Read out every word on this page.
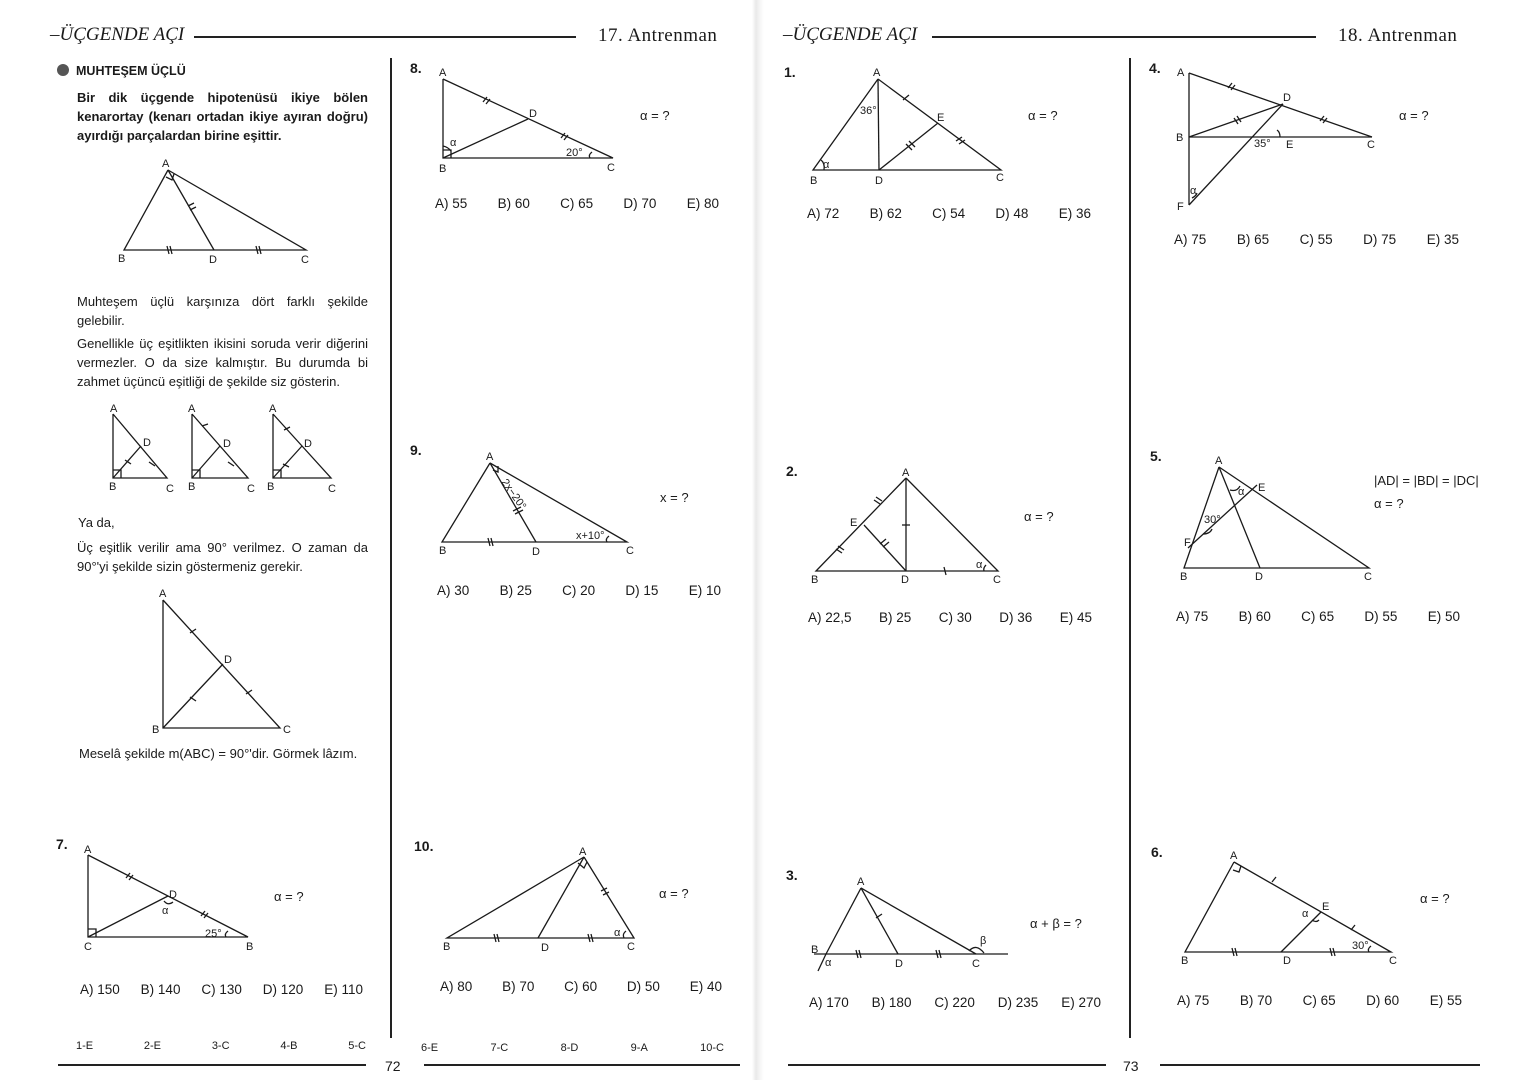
–ÜÇGENDE AÇI	17. Antrenman
MUHTEŞEM ÜÇLÜ
Bir dik üçgende hipotenüsü ikiye bölen kenarortay (kenarı ortadan ikiye ayıran doğru) ayırdığı parçalardan birine eşittir.
A
B	D	C
Muhteşem üçlü karşınıza dört farklı şekilde gelebilir.
Genellikle üç eşitlikten ikisini soruda verir diğerini vermezler. O da size kalmıştır. Bu durumda bi zahmet üçüncü eşitliği de şekilde siz gösterin.
A
B	C
D
A
B	C
D
A
B	C
D
Ya da,
Üç eşitlik verilir ama 90° verilmez. O zaman da 90°'yi şekilde sizin göstermeniz gerekir.
A
B	C
D
Meselâ şekilde m(ABC) = 90°'dir. Görmek lâzım.
7. A
C	B
D
α
25°
α = ?
A) 150 B) 140 C) 130 D) 120 E) 110
8. A
B	C
D
α
20°
α = ?
A) 55 B) 60 C) 65 D) 70 E) 80
9.	A
B	D	C
2x−20°
x+10°
x = ?
A) 30 B) 25 C) 20 D) 15 E) 10
10.	A
B	D	C
α
α = ?
A) 80 B) 70 C) 60 D) 50 E) 40
1-E	2-E	3-C	4-B	5-C	6-E	7-C	8-D	9-A	10-C
72
–ÜÇGENDE AÇI	18. Antrenman
1.	A
B	D	C
E
α
36°	α = ?
A) 72 B) 62 C) 54 D) 48 E) 36
2.	A
B	D	C
E
α
α = ?
A) 22,5 B) 25 C) 30 D) 36 E) 45
3.	A
B
D	C
α
β
α + β = ?
A) 170 B) 180 C) 220 D) 235 E) 270
4. A
B
F
D
C
E
α
35°
α = ?
A) 75 B) 65 C) 55 D) 75 E) 35
5.	A
B	D	C
F
E
α
30°
|AD| = |BD| = |DC|
α = ?
A) 75 B) 60 C) 65 D) 55 E) 50
6.	A
B	D	C
E
α
30°
α = ?
A) 75 B) 70 C) 65 D) 60 E) 55
73
